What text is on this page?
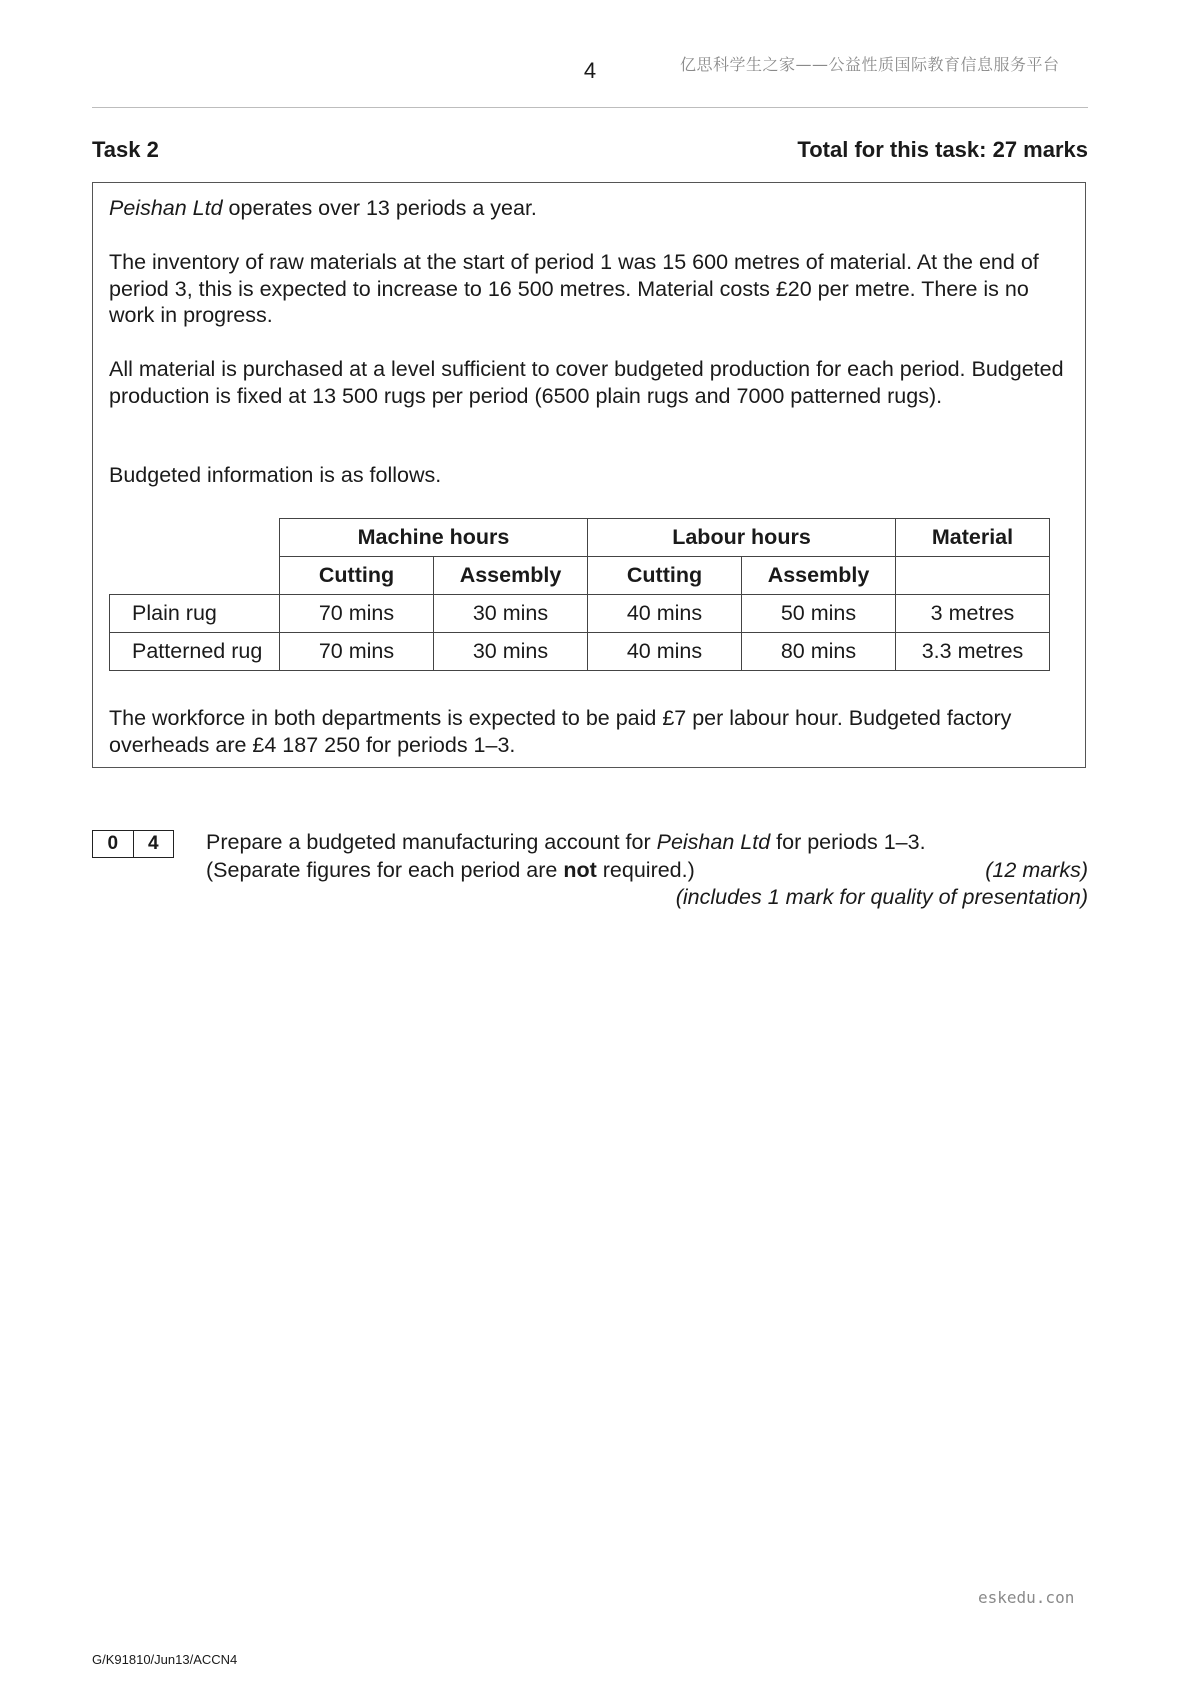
4	亿思科学生之家——公益性质国际教育信息服务平台
Task 2	Total for this task: 27 marks

Peishan Ltd operates over 13 periods a year.

The inventory of raw materials at the start of period 1 was 15 600 metres of material. At the end of period 3, this is expected to increase to 16 500 metres. Material costs £20 per metre. There is no work in progress.

All material is purchased at a level sufficient to cover budgeted production for each period. Budgeted production is fixed at 13 500 rugs per period (6500 plain rugs and 7000 patterned rugs).

Budgeted information is as follows.

	Machine hours		Labour hours		Material
	Cutting	Assembly	Cutting	Assembly	
Plain rug	70 mins	30 mins	40 mins	50 mins	3 metres
Patterned rug	70 mins	30 mins	40 mins	80 mins	3.3 metres

The workforce in both departments is expected to be paid £7 per labour hour. Budgeted factory overheads are £4 187 250 for periods 1–3.

0	4	Prepare a budgeted manufacturing account for Peishan Ltd for periods 1–3.
(Separate figures for each period are not required.)	(12 marks)
(includes 1 mark for quality of presentation)
eskedu.con
G/K91810/Jun13/ACCN4
